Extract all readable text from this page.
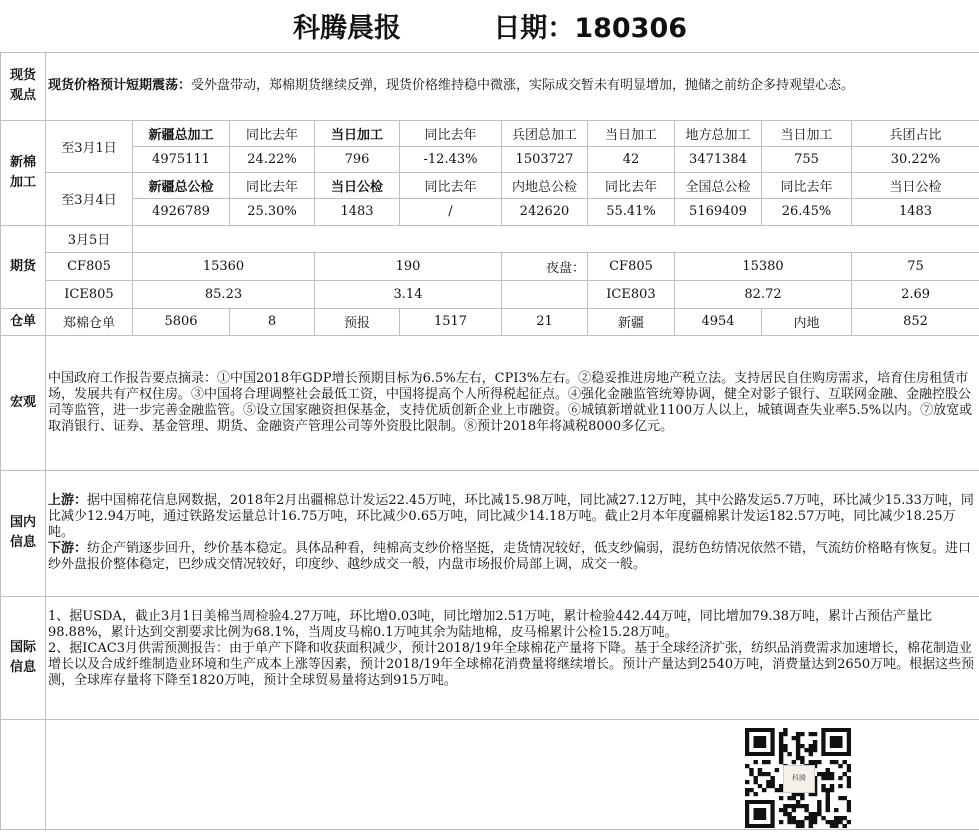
科腾晨报 日期：180306										

现货观点	现货价格预计短期震荡：受外盘带动，郑棉期货继续反弹，现货价格维持稳中微涨，实际成交暂未有明显增加，抛储之前纺企多持观望心态。									

新棉加工	至3月1日	新疆总加工	同比去年	当日加工	同比去年	兵团总加工	当日加工	地方总加工	当日加工	兵团占比
		4975111	24.22%	796	-12.43%	1503727	42	3471384	755	30.22%
	至3月4日	新疆总公检	同比去年	当日公检	同比去年	内地总公检	同比去年	全国总公检	同比去年	当日公检
		4926789	25.30%	1483	/	242620	55.41%	5169409	26.45%	1483
期货	3月5日									
	CF805	15360		190		夜盘：	CF805	15380		75
	ICE805	85.23		3.14			ICE803	82.72		2.69
仓单	郑棉仓单	5806	8	预报	1517	21	新疆	4954	内地	852
宏观	中国政府工作报告要点摘录：①中国2018年GDP增长预期目标为6.5%左右，CPI3%左右。②稳妥推进房地产税立法。支持居民自住购房需求，培育住房租赁市场，发展共有产权住房。③中国将合理调整社会最低工资，中国将提高个人所得税起征点。④强化金融监管统筹协调，健全对影子银行、互联网金融、金融控股公司等监管，进一步完善金融监管。⑤设立国家融资担保基金，支持优质创新企业上市融资。⑥城镇新增就业1100万人以上，城镇调查失业率5.5%以内。⑦放宽或取消银行、证券、基金管理、期货、金融资产管理公司等外资股比限制。⑧预计2018年将减税8000多亿元。									

国内信息	上游：据中国棉花信息网数据，2018年2月出疆棉总计发运22.45万吨，环比减15.98万吨，同比减27.12万吨，其中公路发运5.7万吨，环比减少15.33万吨，同比减少12.94万吨，通过铁路发运量总计16.75万吨，环比减少0.65万吨，同比减少14.18万吨。截止2月本年度疆棉累计发运182.57万吨，同比减少18.25万吨。

下游：纺企产销逐步回升，纱价基本稳定。具体品种看，纯棉高支纱价格坚挺，走货情况较好，低支纱偏弱，混纺色纺情况依然不错，气流纺价格略有恢复。进口纱外盘报价整体稳定，巴纱成交情况较好，印度纱、越纱成交一般，内盘市场报价局部上调，成交一般。									

国际信息	1、据USDA，截止3月1日美棉当周检验4.27万吨，环比增0.03吨，同比增加2.51万吨，累计检验442.44万吨，同比增加79.38万吨，累计占预估产量比98.88%，累计达到交割要求比例为68.1%，当周皮马棉0.1万吨其余为陆地棉，皮马棉累计公检15.28万吨。

2、据ICAC3月供需预测报告：由于单产下降和收获面积减少，预计2018/19年全球棉花产量将下降。基于全球经济扩张，纺织品消费需求加速增长，棉花制造业增长以及合成纤维制造业环境和生产成本上涨等因素，预计2018/19年全球棉花消费量将继续增长。预计产量达到2540万吨，消费量达到2650万吨。根据这些预测，全球库存量将下降至1820万吨，预计全球贸易量将达到915万吨。									

科腾
